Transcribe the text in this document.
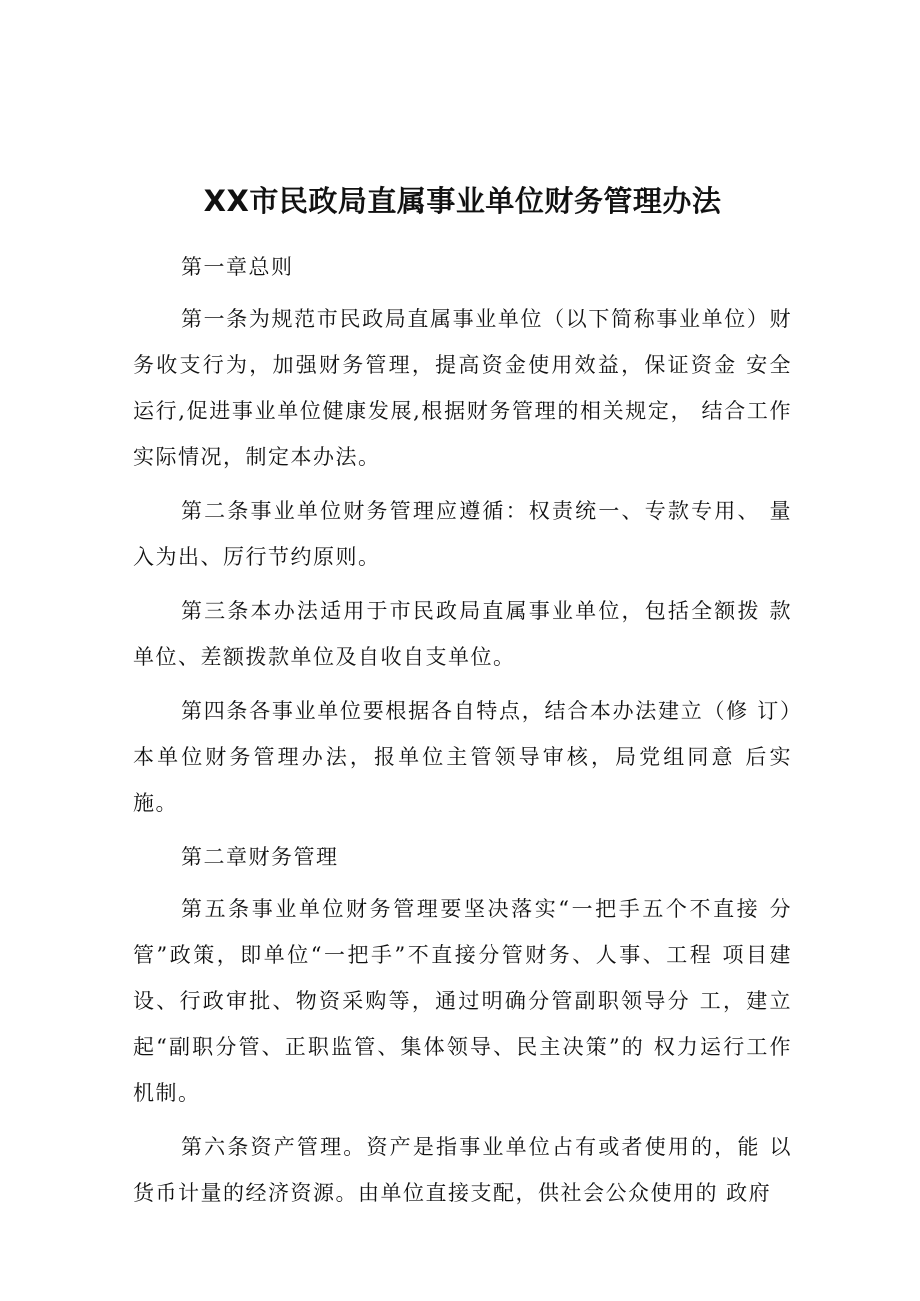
XX市民政局直属事业单位财务管理办法

第一章总则

第一条为规范市民政局直属事业单位（以下简称事业单位）财务收支行为，加强财务管理，提高资金使用效益，保证资金 安全运行,促进事业单位健康发展,根据财务管理的相关规定， 结合工作实际情况，制定本办法。

第二条事业单位财务管理应遵循：权责统一、专款专用、 量入为出、厉行节约原则。

第三条本办法适用于市民政局直属事业单位，包括全额拨 款单位、差额拨款单位及自收自支单位。

第四条各事业单位要根据各自特点，结合本办法建立（修 订）本单位财务管理办法，报单位主管领导审核，局党组同意 后实施。

第二章财务管理

第五条事业单位财务管理要坚决落实“一把手五个不直接 分管”政策，即单位“一把手”不直接分管财务、人事、工程 项目建设、行政审批、物资采购等，通过明确分管副职领导分 工，建立起“副职分管、正职监管、集体领导、民主决策”的 权力运行工作机制。

第六条资产管理。资产是指事业单位占有或者使用的，能 以货币计量的经济资源。由单位直接支配，供社会公众使用的 政府
